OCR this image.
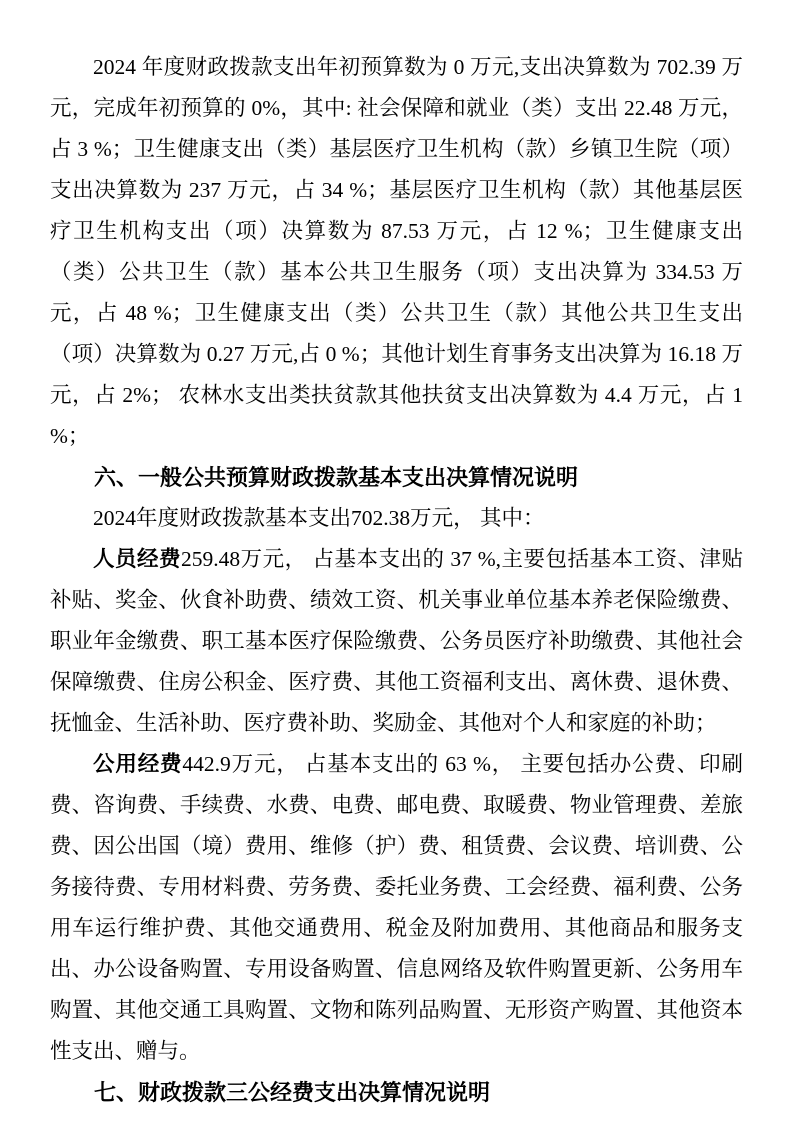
2024 年度财政拨款支出年初预算数为 0 万元,支出决算数为 702.39 万元，完成年初预算的 0%，其中: 社会保障和就业（类）支出 22.48 万元，占 3 %；卫生健康支出（类）基层医疗卫生机构（款）乡镇卫生院（项）支出决算数为 237 万元，占 34 %；基层医疗卫生机构（款）其他基层医疗卫生机构支出（项）决算数为 87.53 万元，占 12 %；卫生健康支出（类）公共卫生（款）基本公共卫生服务（项）支出决算为 334.53 万元，占 48 %；卫生健康支出（类）公共卫生（款）其他公共卫生支出（项）决算数为 0.27 万元,占 0 %；其他计划生育事务支出决算为 16.18 万元，占 2%； 农林水支出类扶贫款其他扶贫支出决算数为 4.4 万元，占 1 %；

六、一般公共预算财政拨款基本支出决算情况说明

2024年度财政拨款基本支出702.38万元， 其中：

人员经费259.48万元， 占基本支出的 37 %,主要包括基本工资、津贴补贴、奖金、伙食补助费、绩效工资、机关事业单位基本养老保险缴费、职业年金缴费、职工基本医疗保险缴费、公务员医疗补助缴费、其他社会保障缴费、住房公积金、医疗费、其他工资福利支出、离休费、退休费、抚恤金、生活补助、医疗费补助、奖励金、其他对个人和家庭的补助；

公用经费442.9万元， 占基本支出的 63 %， 主要包括办公费、印刷费、咨询费、手续费、水费、电费、邮电费、取暖费、物业管理费、差旅费、因公出国（境）费用、维修（护）费、租赁费、会议费、培训费、公务接待费、专用材料费、劳务费、委托业务费、工会经费、福利费、公务用车运行维护费、其他交通费用、税金及附加费用、其他商品和服务支出、办公设备购置、专用设备购置、信息网络及软件购置更新、公务用车购置、其他交通工具购置、文物和陈列品购置、无形资产购置、其他资本性支出、赠与。

七、财政拨款三公经费支出决算情况说明
